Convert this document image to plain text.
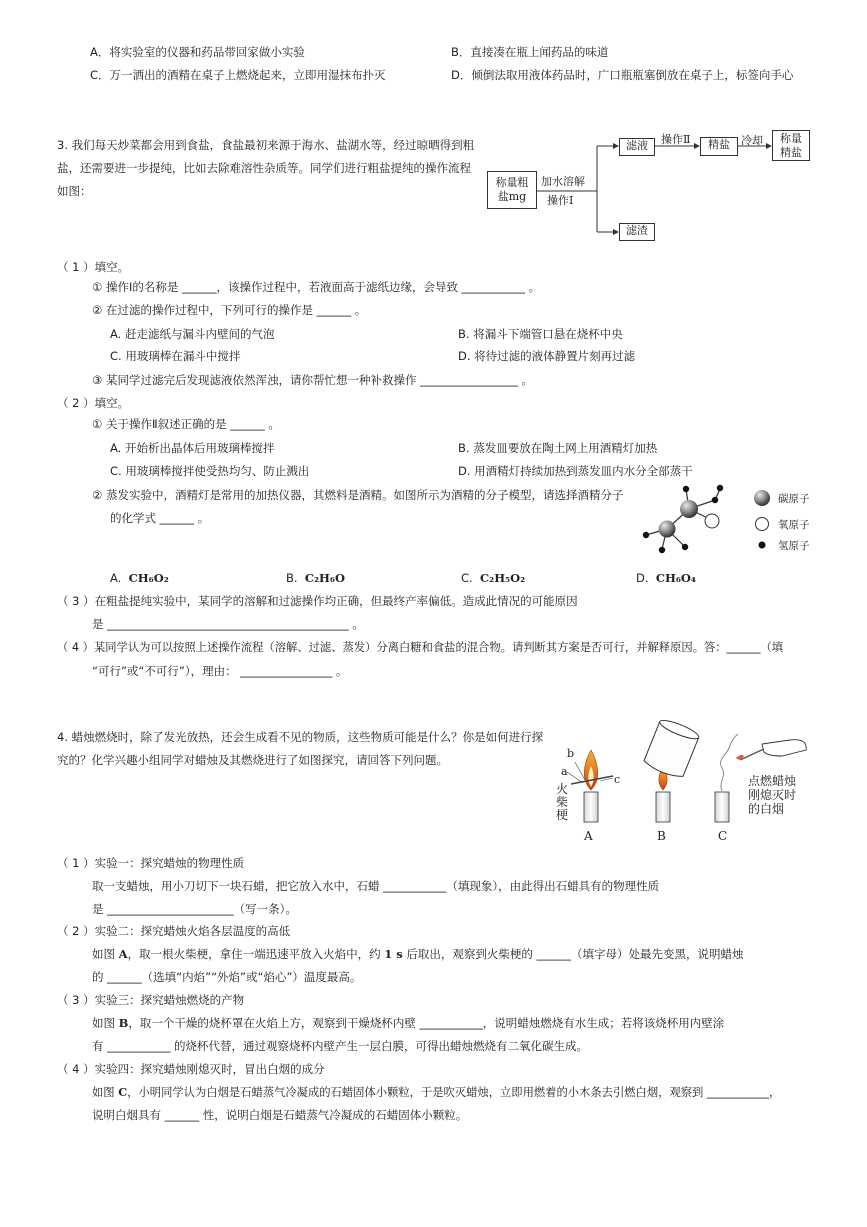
A．将实验室的仪器和药品带回家做小实验	B．直接凑在瓶上闻药品的味道
C．万一洒出的酒精在桌子上燃烧起来，立即用湿抹布扑灭	D．倾倒法取用液体药品时，广口瓶瓶塞倒放在桌子上，标签向手心
3. 我们每天炒菜都会用到食盐，食盐最初来源于海水、盐湖水等，经过晾晒得到粗
盐，还需要进一步提纯，比如去除难溶性杂质等。同学们进行粗盐提纯的操作流程
如图：
称量粗
盐mg
加水溶解
操作Ⅰ
滤液
滤渣
操作Ⅱ	精盐	冷却	称量
精盐
（ 1 ）填空。
① 操作Ⅰ的名称是 ______，该操作过程中，若液面高于滤纸边缘，会导致 ___________ 。
② 在过滤的操作过程中，下列可行的操作是 ______ 。
A. 赶走滤纸与漏斗内壁间的气泡	B. 将漏斗下端管口悬在烧杯中央
C. 用玻璃棒在漏斗中搅拌	D. 将待过滤的液体静置片刻再过滤
③ 某同学过滤完后发现滤液依然浑浊，请你帮忙想一种补救操作 _________________ 。
（ 2 ）填空。
① 关于操作Ⅱ叙述正确的是 ______ 。
A. 开始析出晶体后用玻璃棒搅拌	B. 蒸发皿要放在陶土网上用酒精灯加热
C. 用玻璃棒搅拌使受热均匀、防止溅出	D. 用酒精灯持续加热到蒸发皿内水分全部蒸干
② 蒸发实验中，酒精灯是常用的加热仪器，其燃料是酒精。如图所示为酒精的分子模型，请选择酒精分子
的化学式 ______ 。
碳原子
氧原子
氢原子
A. CH₆O₂	B. C₂H₆O	C. C₂H₅O₂	D. CH₆O₄
（ 3 ）在粗盐提纯实验中，某同学的溶解和过滤操作均正确，但最终产率偏低。造成此情况的可能原因
是 __________________________________________ 。
（ 4 ）某同学认为可以按照上述操作流程（溶解、过滤、蒸发）分离白糖和食盐的混合物。请判断其方案是否可行，并解释原因。答：______（填
“可行”或“不可行”），理由： ________________ 。
4. 蜡烛燃烧时，除了发光放热，还会生成看不见的物质，这些物质可能是什么？你是如何进行探
究的？化学兴趣小组同学对蜡烛及其燃烧进行了如图探究，请回答下列问题。	b
a
c
火
柴
梗
A	B	C
点燃蜡烛
刚熄灭时
的白烟
（ 1 ）实验一：探究蜡烛的物理性质
取一支蜡烛，用小刀切下一块石蜡，把它放入水中，石蜡 ___________（填现象），由此得出石蜡具有的物理性质
是 ______________________（写一条）。
（ 2 ）实验二：探究蜡烛火焰各层温度的高低
如图 A，取一根火柴梗，拿住一端迅速平放入火焰中，约 1 s 后取出，观察到火柴梗的 ______（填字母）处最先变黑，说明蜡烛
的 ______（选填“内焰”“外焰”或“焰心”）温度最高。
（ 3 ）实验三：探究蜡烛燃烧的产物
如图 B，取一个干燥的烧杯罩在火焰上方，观察到干燥烧杯内壁 ___________，说明蜡烛燃烧有水生成；若将该烧杯用内壁涂
有 ___________ 的烧杯代替，通过观察烧杯内壁产生一层白膜，可得出蜡烛燃烧有二氧化碳生成。
（ 4 ）实验四：探究蜡烛刚熄灭时，冒出白烟的成分
如图 C，小明同学认为白烟是石蜡蒸气冷凝成的石蜡固体小颗粒，于是吹灭蜡烛，立即用燃着的小木条去引燃白烟，观察到 ___________，
说明白烟具有 ______ 性，说明白烟是石蜡蒸气冷凝成的石蜡固体小颗粒。
